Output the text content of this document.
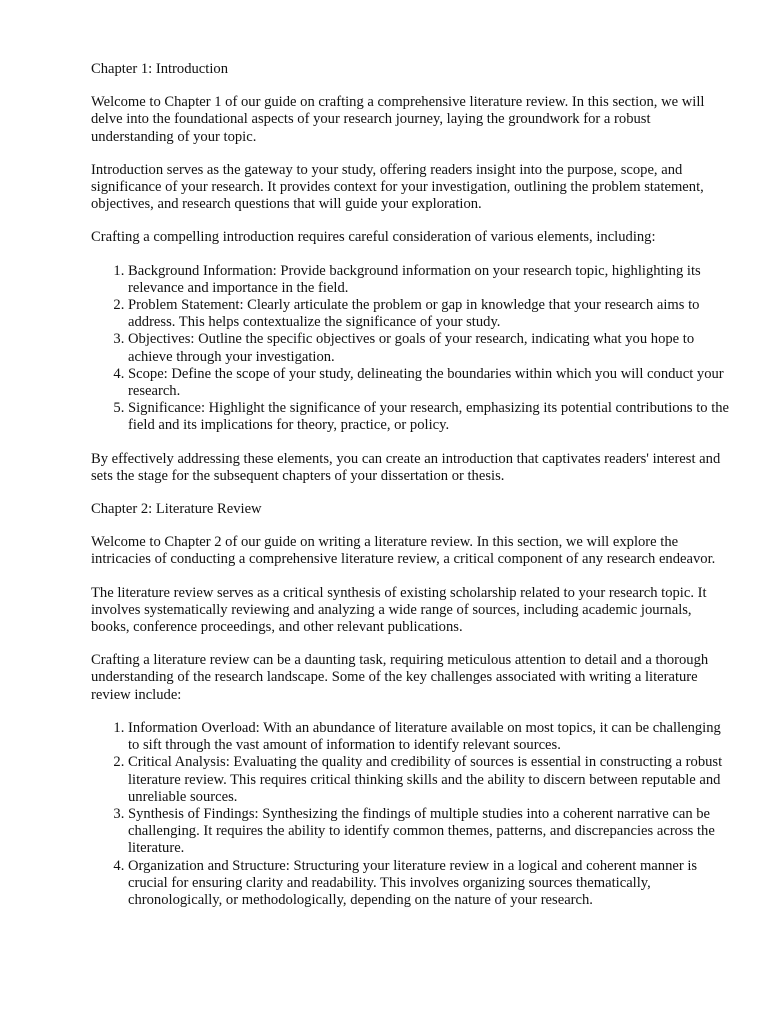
Chapter 1: Introduction

Welcome to Chapter 1 of our guide on crafting a comprehensive literature review. In this section, we will delve into the foundational aspects of your research journey, laying the groundwork for a robust understanding of your topic.

Introduction serves as the gateway to your study, offering readers insight into the purpose, scope, and significance of your research. It provides context for your investigation, outlining the problem statement, objectives, and research questions that will guide your exploration.

Crafting a compelling introduction requires careful consideration of various elements, including:

1. Background Information: Provide background information on your research topic, highlighting its relevance and importance in the field.
2. Problem Statement: Clearly articulate the problem or gap in knowledge that your research aims to address. This helps contextualize the significance of your study.
3. Objectives: Outline the specific objectives or goals of your research, indicating what you hope to achieve through your investigation.
4. Scope: Define the scope of your study, delineating the boundaries within which you will conduct your research.
5. Significance: Highlight the significance of your research, emphasizing its potential contributions to the field and its implications for theory, practice, or policy.

By effectively addressing these elements, you can create an introduction that captivates readers' interest and sets the stage for the subsequent chapters of your dissertation or thesis.

Chapter 2: Literature Review

Welcome to Chapter 2 of our guide on writing a literature review. In this section, we will explore the intricacies of conducting a comprehensive literature review, a critical component of any research endeavor.

The literature review serves as a critical synthesis of existing scholarship related to your research topic. It involves systematically reviewing and analyzing a wide range of sources, including academic journals, books, conference proceedings, and other relevant publications.

Crafting a literature review can be a daunting task, requiring meticulous attention to detail and a thorough understanding of the research landscape. Some of the key challenges associated with writing a literature review include:

1. Information Overload: With an abundance of literature available on most topics, it can be challenging to sift through the vast amount of information to identify relevant sources.
2. Critical Analysis: Evaluating the quality and credibility of sources is essential in constructing a robust literature review. This requires critical thinking skills and the ability to discern between reputable and unreliable sources.
3. Synthesis of Findings: Synthesizing the findings of multiple studies into a coherent narrative can be challenging. It requires the ability to identify common themes, patterns, and discrepancies across the literature.
4. Organization and Structure: Structuring your literature review in a logical and coherent manner is crucial for ensuring clarity and readability. This involves organizing sources thematically, chronologically, or methodologically, depending on the nature of your research.
